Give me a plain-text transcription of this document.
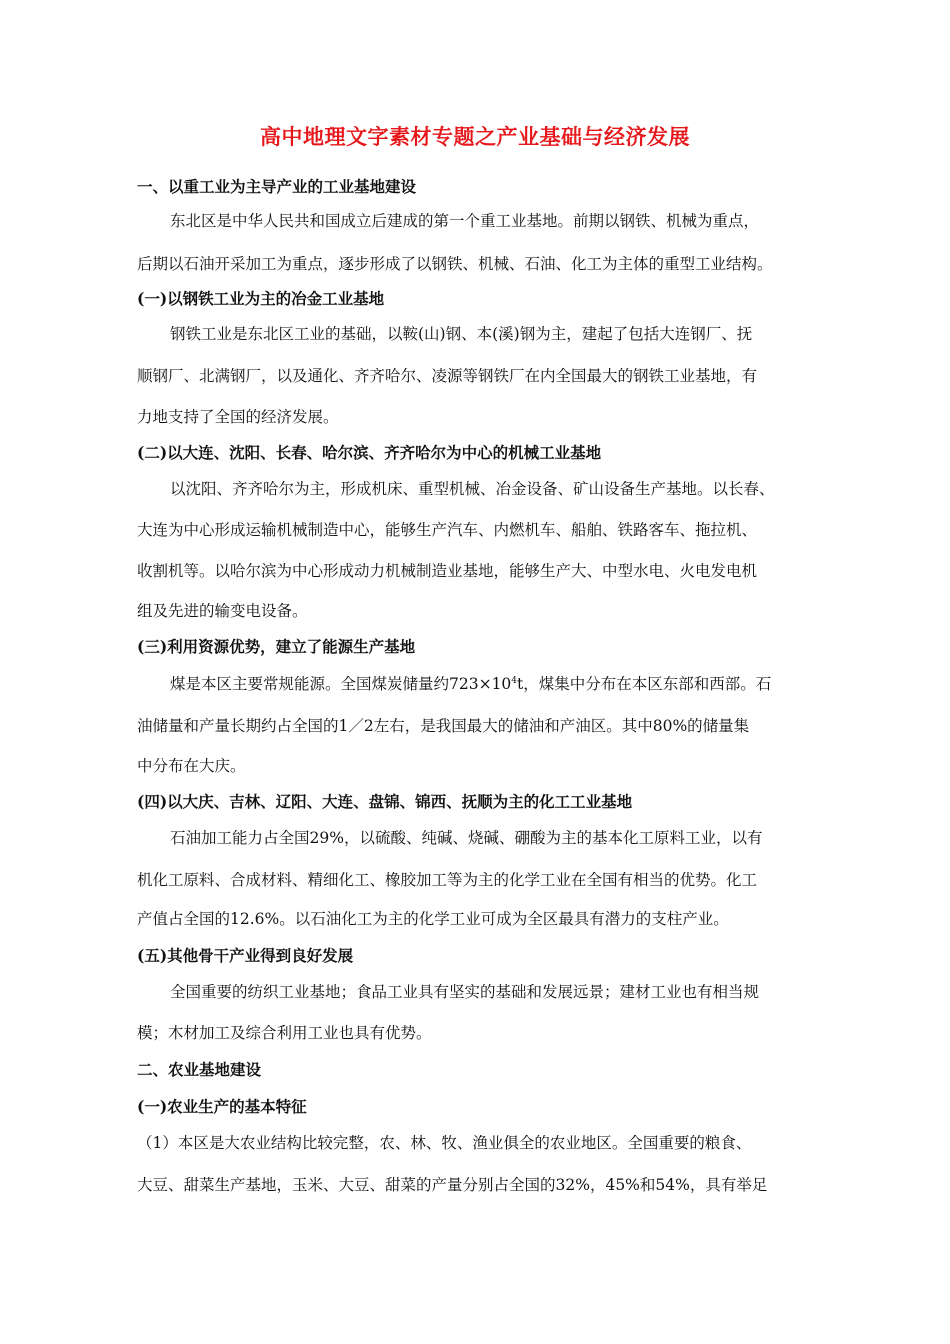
高中地理文字素材专题之产业基础与经济发展
一、以重工业为主导产业的工业基地建设
东北区是中华人民共和国成立后建成的第一个重工业基地。前期以钢铁、机械为重点，
后期以石油开采加工为重点，逐步形成了以钢铁、机械、石油、化工为主体的重型工业结构。
(一)以钢铁工业为主的冶金工业基地
钢铁工业是东北区工业的基础，以鞍(山)钢、本(溪)钢为主，建起了包括大连钢厂、抚
顺钢厂、北满钢厂，以及通化、齐齐哈尔、凌源等钢铁厂在内全国最大的钢铁工业基地，有
力地支持了全国的经济发展。
(二)以大连、沈阳、长春、哈尔滨、齐齐哈尔为中心的机械工业基地
以沈阳、齐齐哈尔为主，形成机床、重型机械、冶金设备、矿山设备生产基地。以长春、
大连为中心形成运输机械制造中心，能够生产汽车、内燃机车、船舶、铁路客车、拖拉机、
收割机等。以哈尔滨为中心形成动力机械制造业基地，能够生产大、中型水电、火电发电机
组及先进的输变电设备。
(三)利用资源优势，建立了能源生产基地
煤是本区主要常规能源。全国煤炭储量约$723\times 10^4t$，煤集中分布在本区东部和西部。石
油储量和产量长期约占全国的1／2左右，是我国最大的储油和产油区。其中80%的储量集
中分布在大庆。
(四)以大庆、吉林、辽阳、大连、盘锦、锦西、抚顺为主的化工工业基地
石油加工能力占全国29%，以硫酸、纯碱、烧碱、硼酸为主的基本化工原料工业，以有
机化工原料、合成材料、精细化工、橡胶加工等为主的化学工业在全国有相当的优势。化工
产值占全国的12.6%。以石油化工为主的化学工业可成为全区最具有潜力的支柱产业。
(五)其他骨干产业得到良好发展
全国重要的纺织工业基地；食品工业具有坚实的基础和发展远景；建材工业也有相当规
模；木材加工及综合利用工业也具有优势。
二、农业基地建设
(一)农业生产的基本特征
（1）本区是大农业结构比较完整，农、林、牧、渔业俱全的农业地区。全国重要的粮食、
大豆、甜菜生产基地，玉米、大豆、甜菜的产量分别占全国的32%，45%和54%，具有举足
